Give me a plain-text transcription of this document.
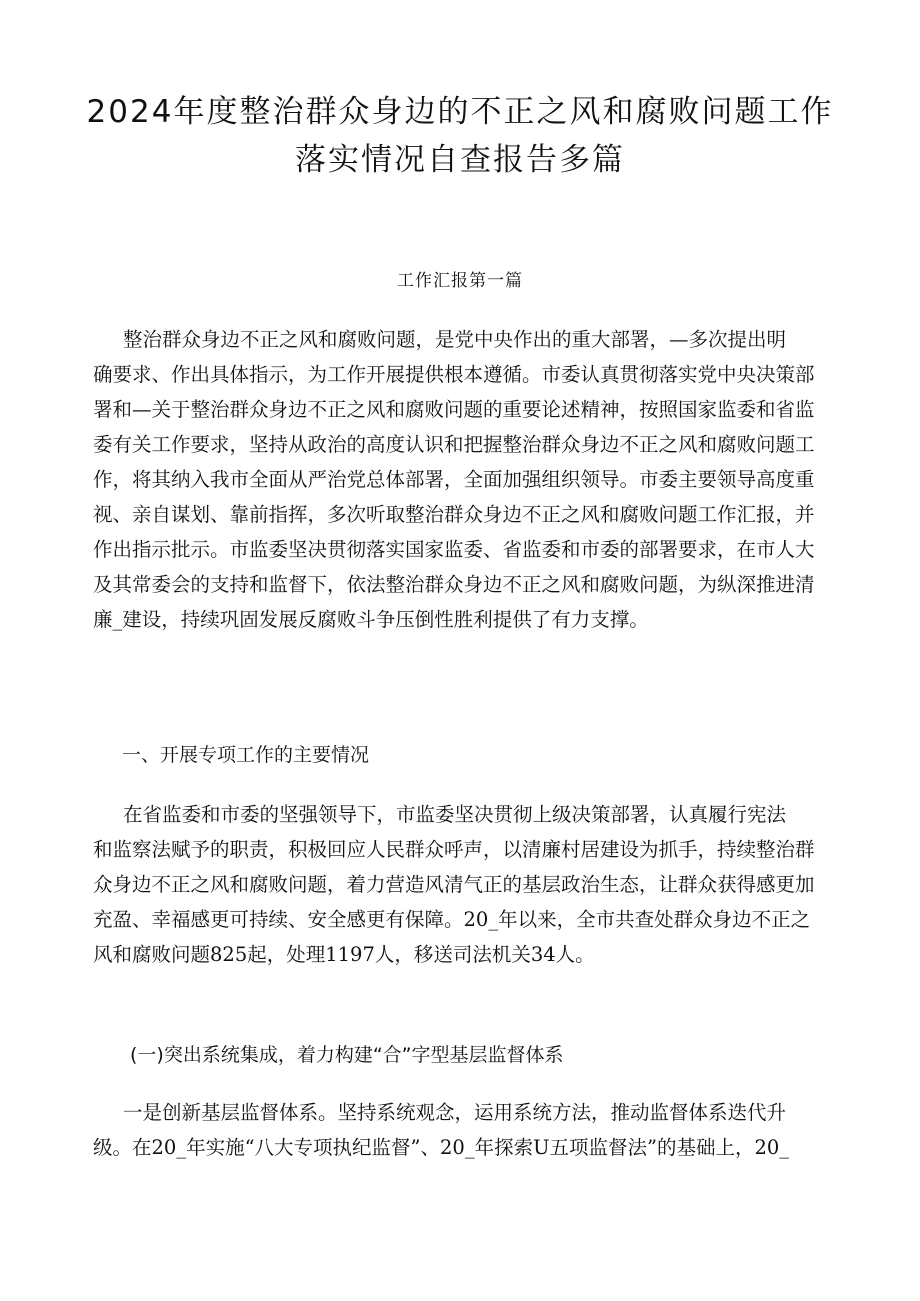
2024年度整治群众身边的不正之风和腐败问题工作
落实情况自查报告多篇

工作汇报第一篇

整治群众身边不正之风和腐败问题，是党中央作出的重大部署，—多次提出明
确要求、作出具体指示，为工作开展提供根本遵循。市委认真贯彻落实党中央决策部
署和—关于整治群众身边不正之风和腐败问题的重要论述精神，按照国家监委和省监
委有关工作要求，坚持从政治的高度认识和把握整治群众身边不正之风和腐败问题工
作，将其纳入我市全面从严治党总体部署，全面加强组织领导。市委主要领导高度重
视、亲自谋划、靠前指挥，多次听取整治群众身边不正之风和腐败问题工作汇报，并
作出指示批示。市监委坚决贯彻落实国家监委、省监委和市委的部署要求，在市人大
及其常委会的支持和监督下，依法整治群众身边不正之风和腐败问题，为纵深推进清
廉_建设，持续巩固发展反腐败斗争压倒性胜利提供了有力支撑。
一、开展专项工作的主要情况
在省监委和市委的坚强领导下，市监委坚决贯彻上级决策部署，认真履行宪法
和监察法赋予的职责，积极回应人民群众呼声，以清廉村居建设为抓手，持续整治群
众身边不正之风和腐败问题，着力营造风清气正的基层政治生态，让群众获得感更加
充盈、幸福感更可持续、安全感更有保障。20_年以来，全市共查处群众身边不正之
风和腐败问题825起，处理1197人，移送司法机关34人。
(一)突出系统集成，着力构建“合”字型基层监督体系
一是创新基层监督体系。坚持系统观念，运用系统方法，推动监督体系迭代升
级。在20_年实施“八大专项执纪监督”、20_年探索U五项监督法”的基础上，20_
